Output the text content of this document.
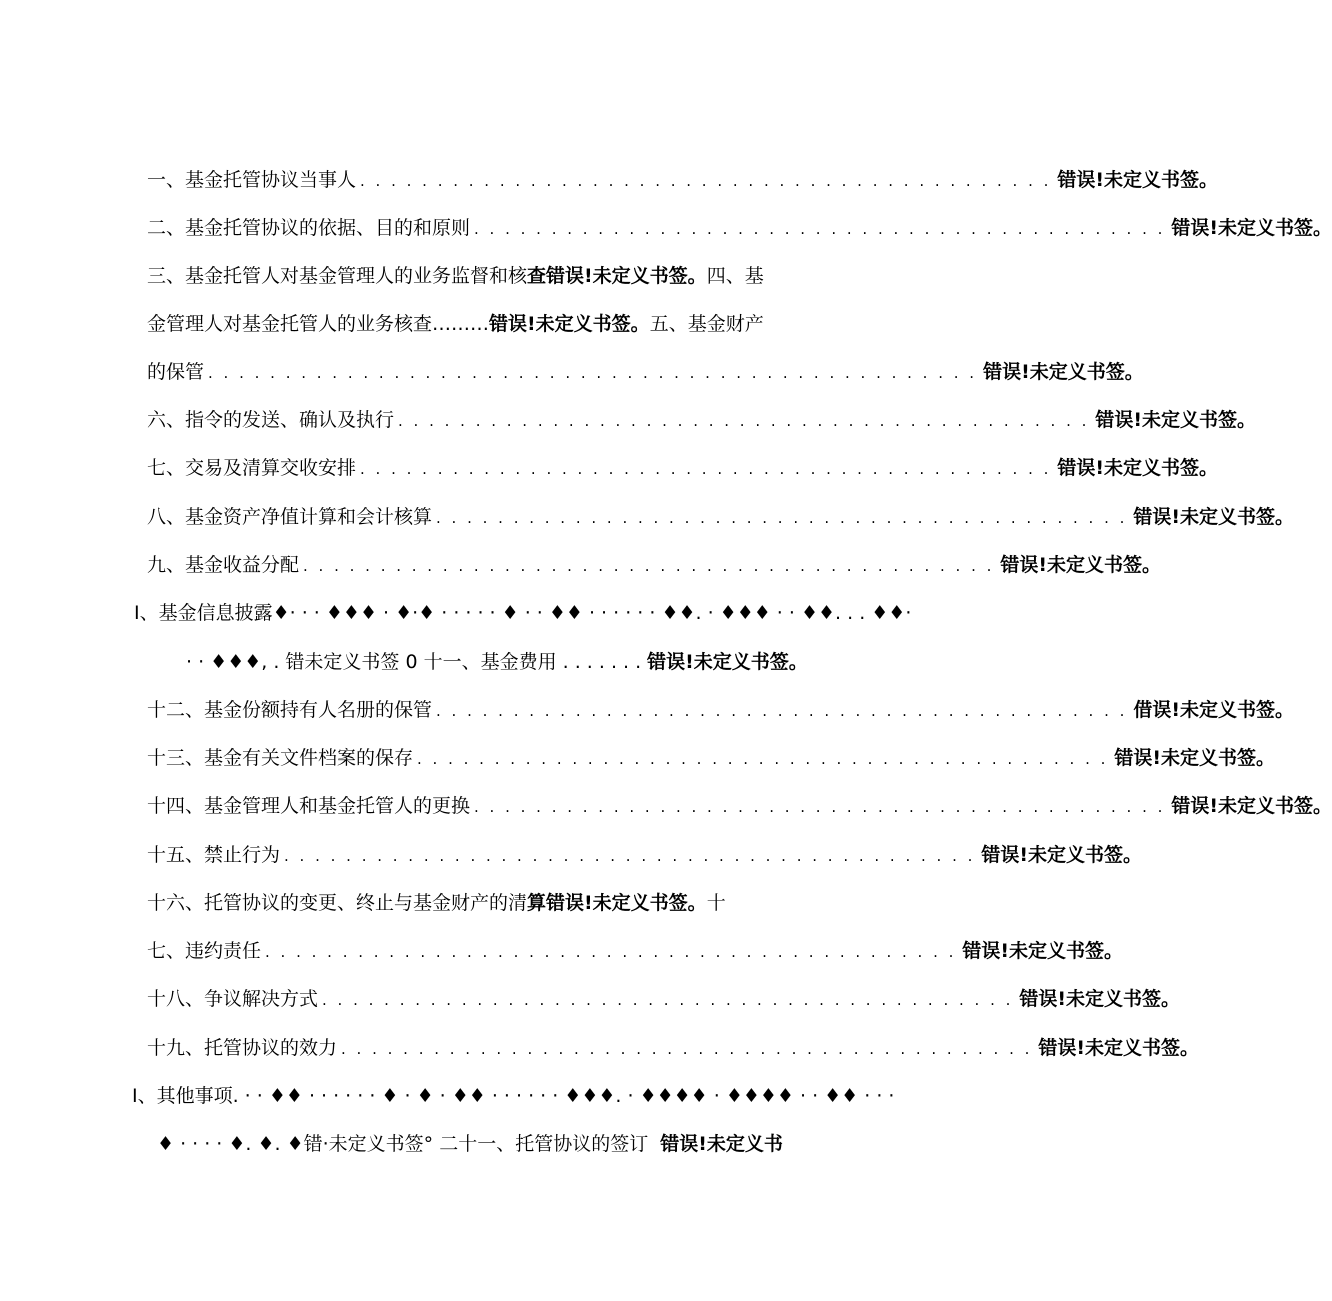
一、基金托管协议当事人 . . . . . . . . . . . . . . . . . . . . . . . . . . . . . . . . . . . . . . . . . . . . . 错误!未定义书签。
二、基金托管协议的依据、目的和原则 . . . . . . . . . . . . . . . . . . . . . . . . . . . . . . . . . . . . . . . . . . . . . 错误!未定义书签。
三、基金托管人对基金管理人的业务监督和核 查错误!未定义书签。 四、基
金管理人对基金托管人的业务核查……… 错误!未定义书签。 五、基金财产
的保管 . . . . . . . . . . . . . . . . . . . . . . . . . . . . . . . . . . . . . . . . . . . . . . . . . . 错误!未定义书签。
六、指令的发送、确认及执行 . . . . . . . . . . . . . . . . . . . . . . . . . . . . . . . . . . . . . . . . . . . . . 错误!未定义书签。
七、交易及清算交收安排 . . . . . . . . . . . . . . . . . . . . . . . . . . . . . . . . . . . . . . . . . . . . . 错误!未定义书签。
八、基金资产净值计算和会计核算 . . . . . . . . . . . . . . . . . . . . . . . . . . . . . . . . . . . . . . . . . . . . . 错误!未定义书签。
九、基金收益分配 . . . . . . . . . . . . . . . . . . . . . . . . . . . . . . . . . . . . . . . . . . . . . 错误!未定义书签。
Ⅰ、基金信息披露♦· · · ♦♦♦ · ♦·♦ · · · · · ♦ · · ♦♦ · · · · · · ♦♦. · ♦♦♦ · · ♦♦. . . ♦♦·
· · ♦♦♦, . 错未定义书签 0 十一、基金费用 . . . . . . . 错误!未定义书签。
十二、基金份额持有人名册的保管 . . . . . . . . . . . . . . . . . . . . . . . . . . . . . . . . . . . . . . . . . . . . . 借误!未定义书签。
十三、基金有关文件档案的保存 . . . . . . . . . . . . . . . . . . . . . . . . . . . . . . . . . . . . . . . . . . . . . 错误!未定义书签。
十四、基金管理人和基金托管人的更换 . . . . . . . . . . . . . . . . . . . . . . . . . . . . . . . . . . . . . . . . . . . . . 错误!未定义书签。
十五、禁止行为 . . . . . . . . . . . . . . . . . . . . . . . . . . . . . . . . . . . . . . . . . . . . . 错误!未定义书签。
十六、托管协议的变更、终止与基金财产的清 算错误!未定义书签。 十
七、违约责任 . . . . . . . . . . . . . . . . . . . . . . . . . . . . . . . . . . . . . . . . . . . . . 错误!未定义书签。
十八、争议解决方式 . . . . . . . . . . . . . . . . . . . . . . . . . . . . . . . . . . . . . . . . . . . . . 错误!未定义书签。
十九、托管协议的效力 . . . . . . . . . . . . . . . . . . . . . . . . . . . . . . . . . . . . . . . . . . . . . 错误!未定义书签。
Ⅰ、其他事项. · · ♦♦ · · · · · · ♦ · ♦ · ♦♦ · · · · · · ♦♦♦. · ♦♦♦♦ · ♦♦♦♦ · · ♦♦ · · ·
♦ · · · · ♦. ♦. ♦错·未定义书签° 二十一、托管协议的签订 错误!未定义书
